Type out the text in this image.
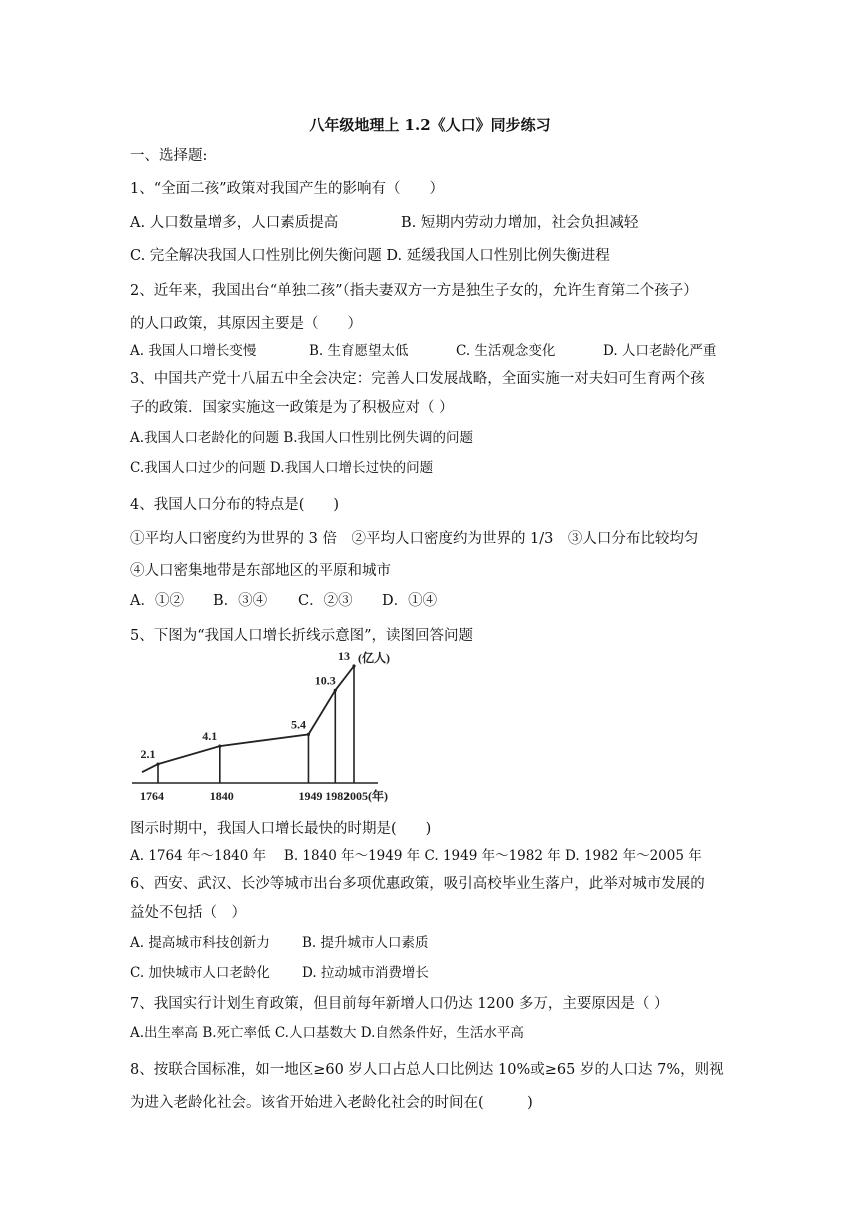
八年级地理上 1.2《人口》同步练习
一、选择题:
1、“全面二孩”政策对我国产生的影响有（　　）
A. 人口数量增多，人口素质提高	B. 短期内劳动力增加，社会负担减轻
C. 完全解决我国人口性别比例失衡问题 D. 延缓我国人口性别比例失衡进程
2、近年来，我国出台“单独二孩”（指夫妻双方一方是独生子女的，允许生育第二个孩子）
的人口政策，其原因主要是（　　）
A. 我国人口增长变慢	B. 生育愿望太低	C. 生活观念变化	D. 人口老龄化严重
3、中国共产党十八届五中全会决定：完善人口发展战略，全面实施一对夫妇可生育两个孩
子的政策．国家实施这一政策是为了积极应对（ ）
A.我国人口老龄化的问题 B.我国人口性别比例失调的问题
C.我国人口过少的问题 D.我国人口增长过快的问题
4、我国人口分布的特点是(　　)
①平均人口密度约为世界的 3 倍　②平均人口密度约为世界的 1/3　③人口分布比较均匀
④人口密集地带是东部地区的平原和城市
A．①② B．③④ C．②③ D．①④
5、下图为“我国人口增长折线示意图”，读图回答问题
2.1
1764
4.1
1840
5.4
1949
10.3
1982
13
2005(年)
(亿人)
图示时期中，我国人口增长最快的时期是(　　)
A. 1764 年～1840 年　 B. 1840 年～1949 年 C. 1949 年～1982 年 D. 1982 年～2005 年
6、西安、武汉、长沙等城市出台多项优惠政策，吸引高校毕业生落户，此举对城市发展的
益处不包括（　）
A. 提高城市科技创新力 B. 提升城市人口素质
C. 加快城市人口老龄化 D. 拉动城市消费增长
7、我国实行计划生育政策，但目前每年新增人口仍达 1200 多万，主要原因是（ ）
A.出生率高 B.死亡率低 C.人口基数大 D.自然条件好，生活水平高
8、按联合国标准，如一地区≥60 岁人口占总人口比例达 10%或≥65 岁的人口达 7%，则视
为进入老龄化社会。该省开始进入老龄化社会的时间在(　　　)
